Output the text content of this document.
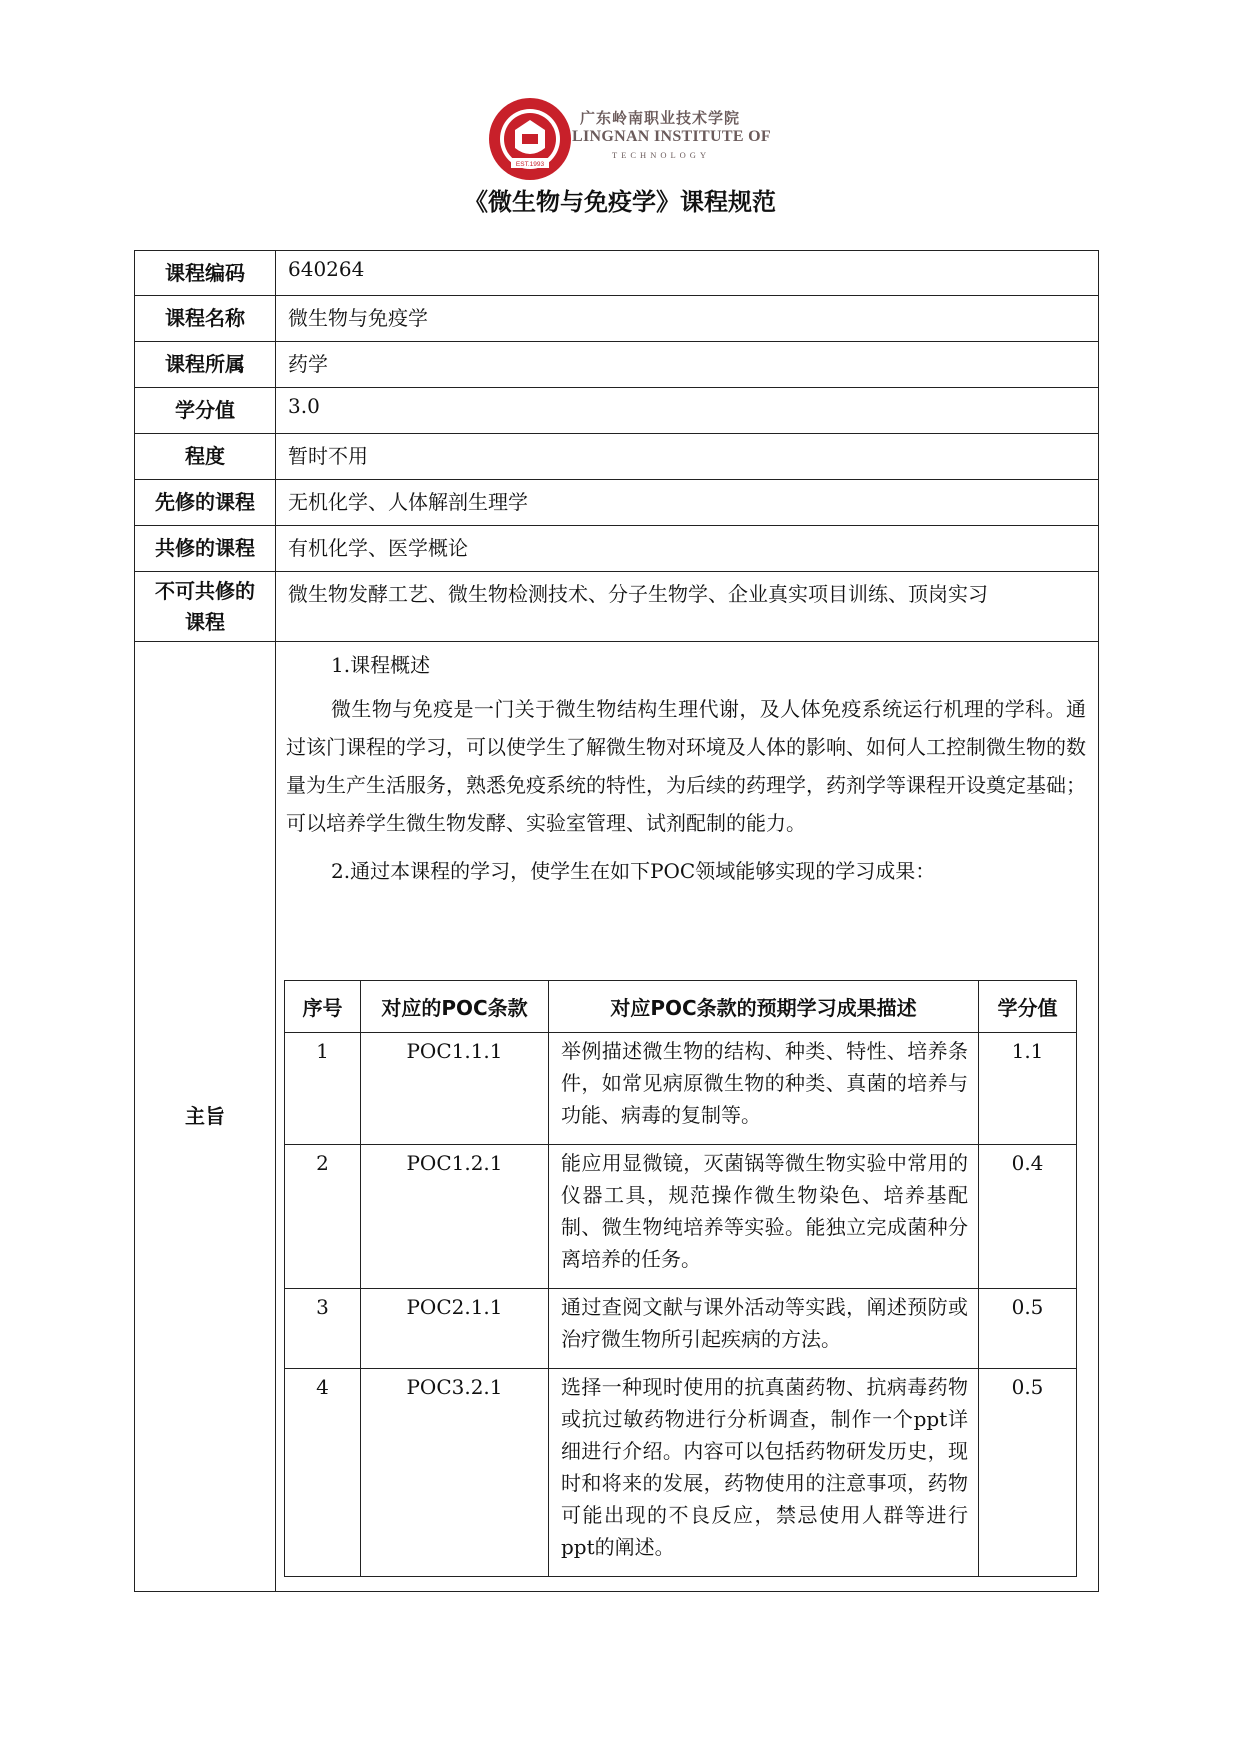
EST.1993
广东岭南职业技术学院
LINGNAN INSTITUTE OF
TECHNOLOGY
《微生物与免疫学》课程规范
课程编码	640264
课程名称	微生物与免疫学
课程所属	药学
学分值	3.0
程度	暂时不用
先修的课程	无机化学、人体解剖生理学
共修的课程	有机化学、医学概论
不可共修的
课程	微生物发酵工艺、微生物检测技术、分子生物学、企业真实项目训练、顶岗实习
主旨	

1.课程概述

微生物与免疫是一门关于微生物结构生理代谢，及人体免疫系统运行机理的学科。通过该门课程的学习，可以使学生了解微生物对环境及人体的影响、如何人工控制微生物的数量为生产生活服务，熟悉免疫系统的特性，为后续的药理学，药剂学等课程开设奠定基础；可以培养学生微生物发酵、实验室管理、试剂配制的能力。

2.通过本课程的学习，使学生在如下POC领域能够实现的学习成果：

序号	对应的POC条款	对应POC条款的预期学习成果描述	学分值
1	POC1.1.1	举例描述微生物的结构、种类、特性、培养条件，如常见病原微生物的种类、真菌的培养与功能、病毒的复制等。	1.1
2	POC1.2.1	能应用显微镜，灭菌锅等微生物实验中常用的仪器工具，规范操作微生物染色、培养基配制、微生物纯培养等实验。能独立完成菌种分离培养的任务。	0.4
3	POC2.1.1	通过查阅文献与课外活动等实践，阐述预防或治疗微生物所引起疾病的方法。	0.5
4	POC3.2.1	选择一种现时使用的抗真菌药物、抗病毒药物或抗过敏药物进行分析调查，制作一个ppt详细进行介绍。内容可以包括药物研发历史，现时和将来的发展，药物使用的注意事项，药物可能出现的不良反应，禁忌使用人群等进行ppt的阐述。	0.5
